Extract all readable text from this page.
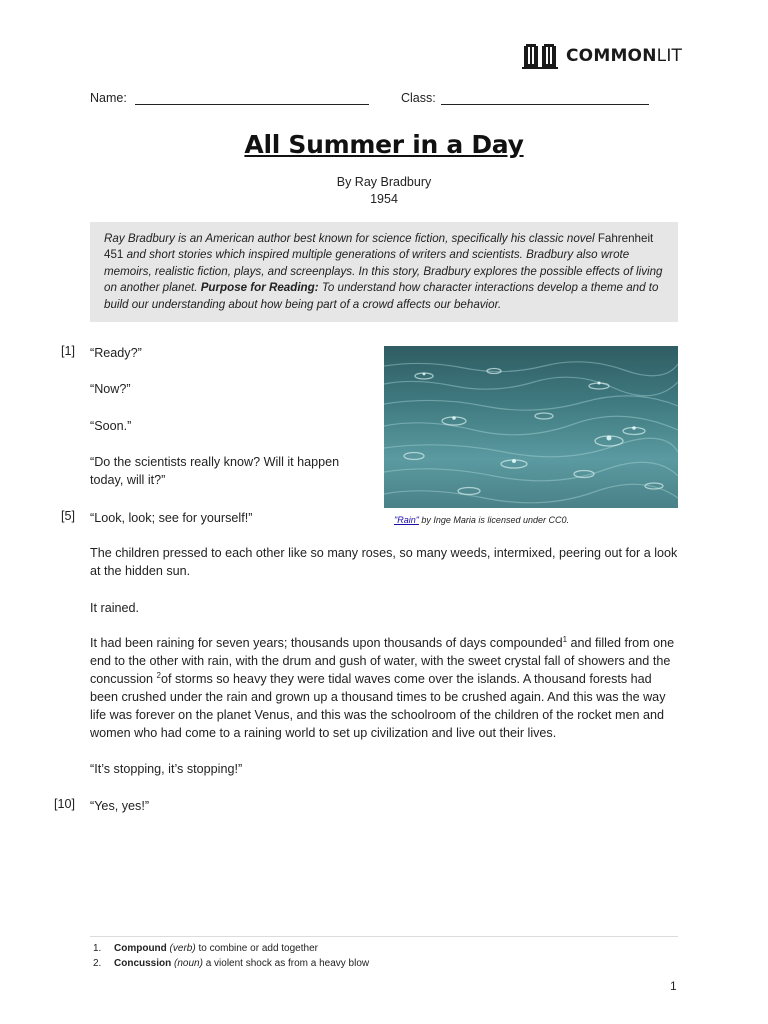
COMMONLIT
Name:	Class:
All Summer in a Day
By Ray Bradbury
1954
Ray Bradbury is an American author best known for science fiction, specifically his classic novel Fahrenheit 451 and short stories which inspired multiple generations of writers and scientists. Bradbury also wrote memoirs, realistic fiction, plays, and screenplays. In this story, Bradbury explores the possible effects of living on another planet. Purpose for Reading: To understand how character interactions develop a theme and to build our understanding about how being part of a crowd affects our behavior.
"Rain" by Inge Maria is licensed under CC0.
[1]
[5]
[10]
“Ready?”
“Now?”
“Soon.”
“Do the scientists really know? Will it happen
today, will it?”
“Look, look; see for yourself!”
The children pressed to each other like so many roses, so many weeds, intermixed, peering out for a look at the hidden sun.
It rained.
It had been raining for seven years; thousands upon thousands of days compounded$^1$ and filled from one end to the other with rain, with the drum and gush of water, with the sweet crystal fall of showers and the concussion $^2$of storms so heavy they were tidal waves come over the islands. A thousand forests had been crushed under the rain and grown up a thousand times to be crushed again. And this was the way life was forever on the planet Venus, and this was the schoolroom of the children of the rocket men and women who had come to a raining world to set up civilization and live out their lives.
“It’s stopping, it’s stopping!”
“Yes, yes!”
1. Compound (verb) to combine or add together
2. Concussion (noun) a violent shock as from a heavy blow
1
